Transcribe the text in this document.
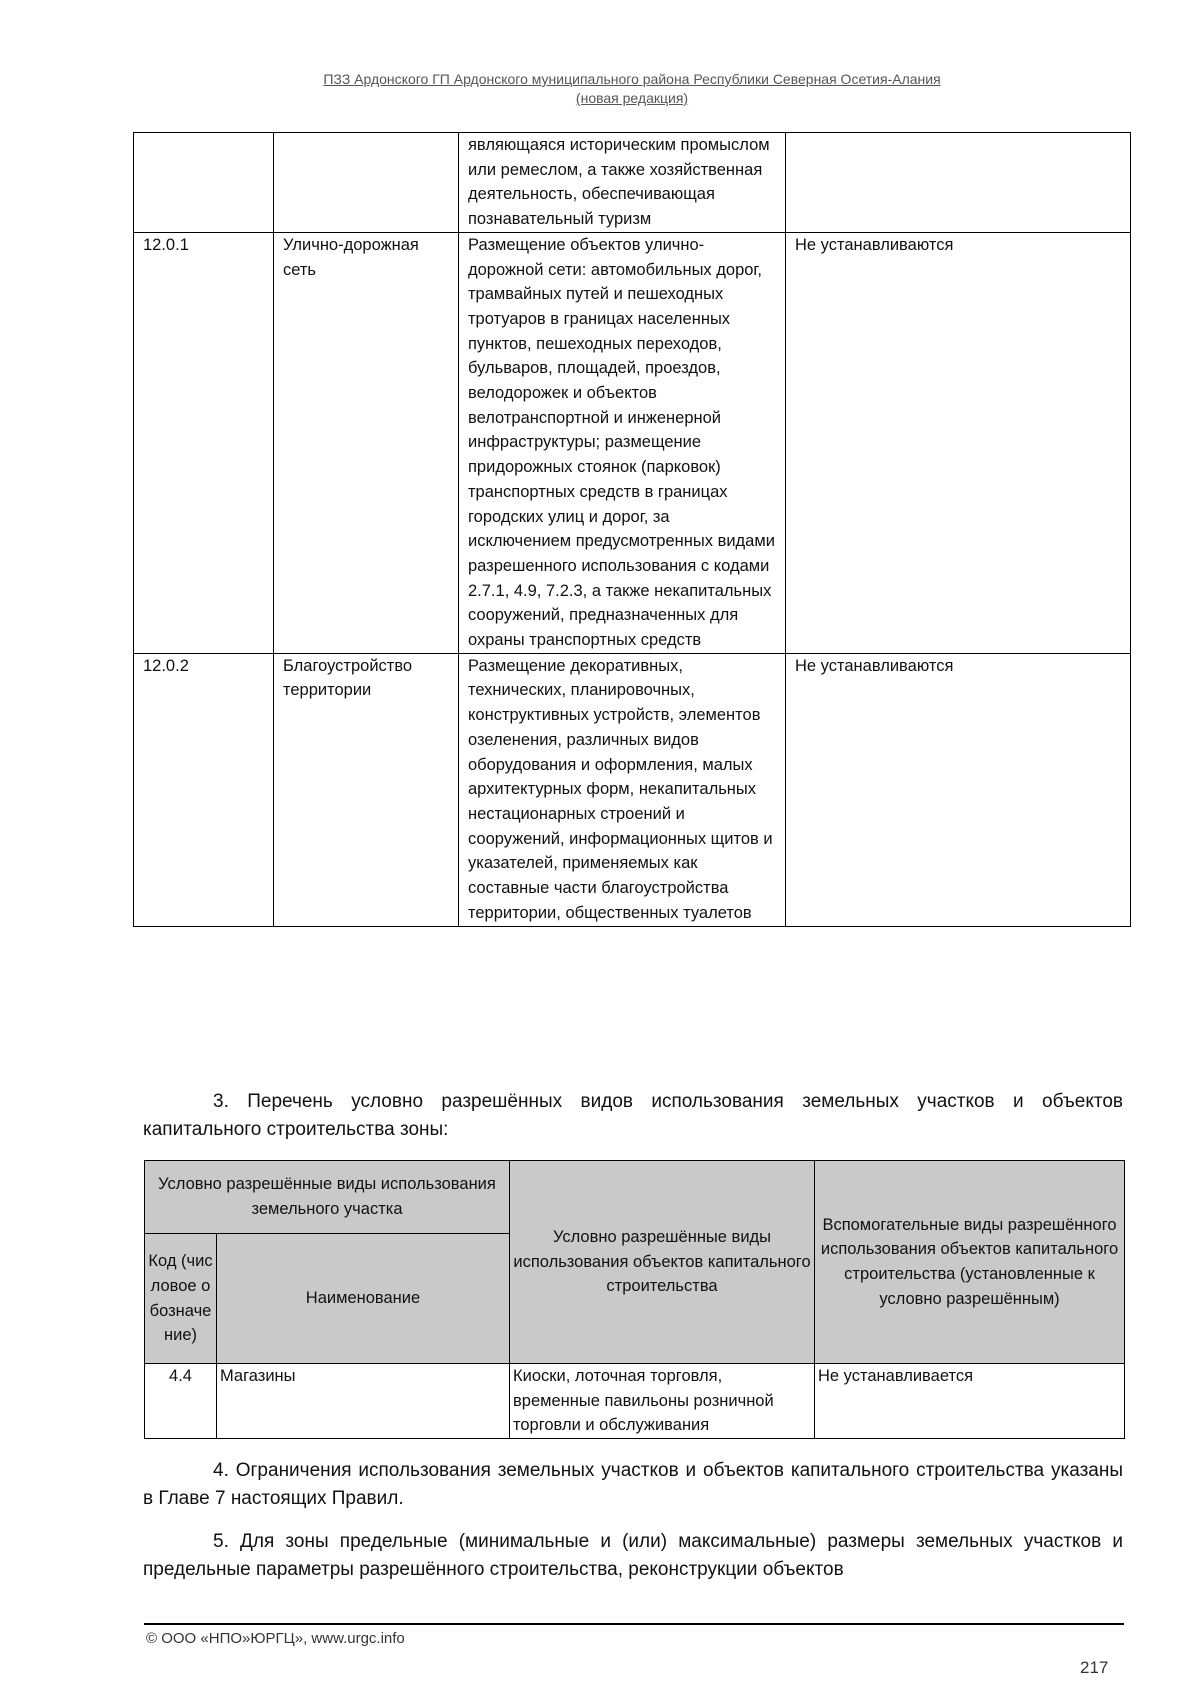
ПЗЗ Ардонского ГП Ардонского муниципального района Республики Северная Осетия-Алания
(новая редакция)
		являющаяся историческим промыслом или ремеслом, а также хозяйственная деятельность, обеспечивающая познавательный туризм	
12.0.1	Улично-дорожная сеть	Размещение объектов улично-дорожной сети: автомобильных дорог, трамвайных путей и пешеходных тротуаров в границах населенных пунктов, пешеходных переходов, бульваров, площадей, проездов, велодорожек и объектов велотранспортной и инженерной инфраструктуры; размещение придорожных стоянок (парковок) транспортных средств в границах городских улиц и дорог, за исключением предусмотренных видами разрешенного использования с кодами 2.7.1, 4.9, 7.2.3, а также некапитальных сооружений, предназначенных для охраны транспортных средств	Не устанавливаются
12.0.2	Благоустройство территории	Размещение декоративных, технических, планировочных, конструктивных устройств, элементов озеленения, различных видов оборудования и оформления, малых архитектурных форм, некапитальных нестационарных строений и сооружений, информационных щитов и указателей, применяемых как составные части благоустройства территории, общественных туалетов	Не устанавливаются

3. Перечень условно разрешённых видов использования земельных участков и объектов капитального строительства зоны:

Условно разрешённые виды использования земельного участка		Условно разрешённые виды использования объектов капитального строительства	Вспомогательные виды разрешённого использования объектов капитального строительства (установленные к условно разрешённым)
Код (числовое обозначение)	Наименование		
4.4	Магазины	Киоски, лоточная торговля, временные павильоны розничной торговли и обслуживания	Не устанавливается

4. Ограничения использования земельных участков и объектов капитального строительства указаны в Главе 7 настоящих Правил.

5. Для зоны предельные (минимальные и (или) максимальные) размеры земельных участков и предельные параметры разрешённого строительства, реконструкции объектов

© ООО «НПО»ЮРГЦ», www.urgc.info
217
